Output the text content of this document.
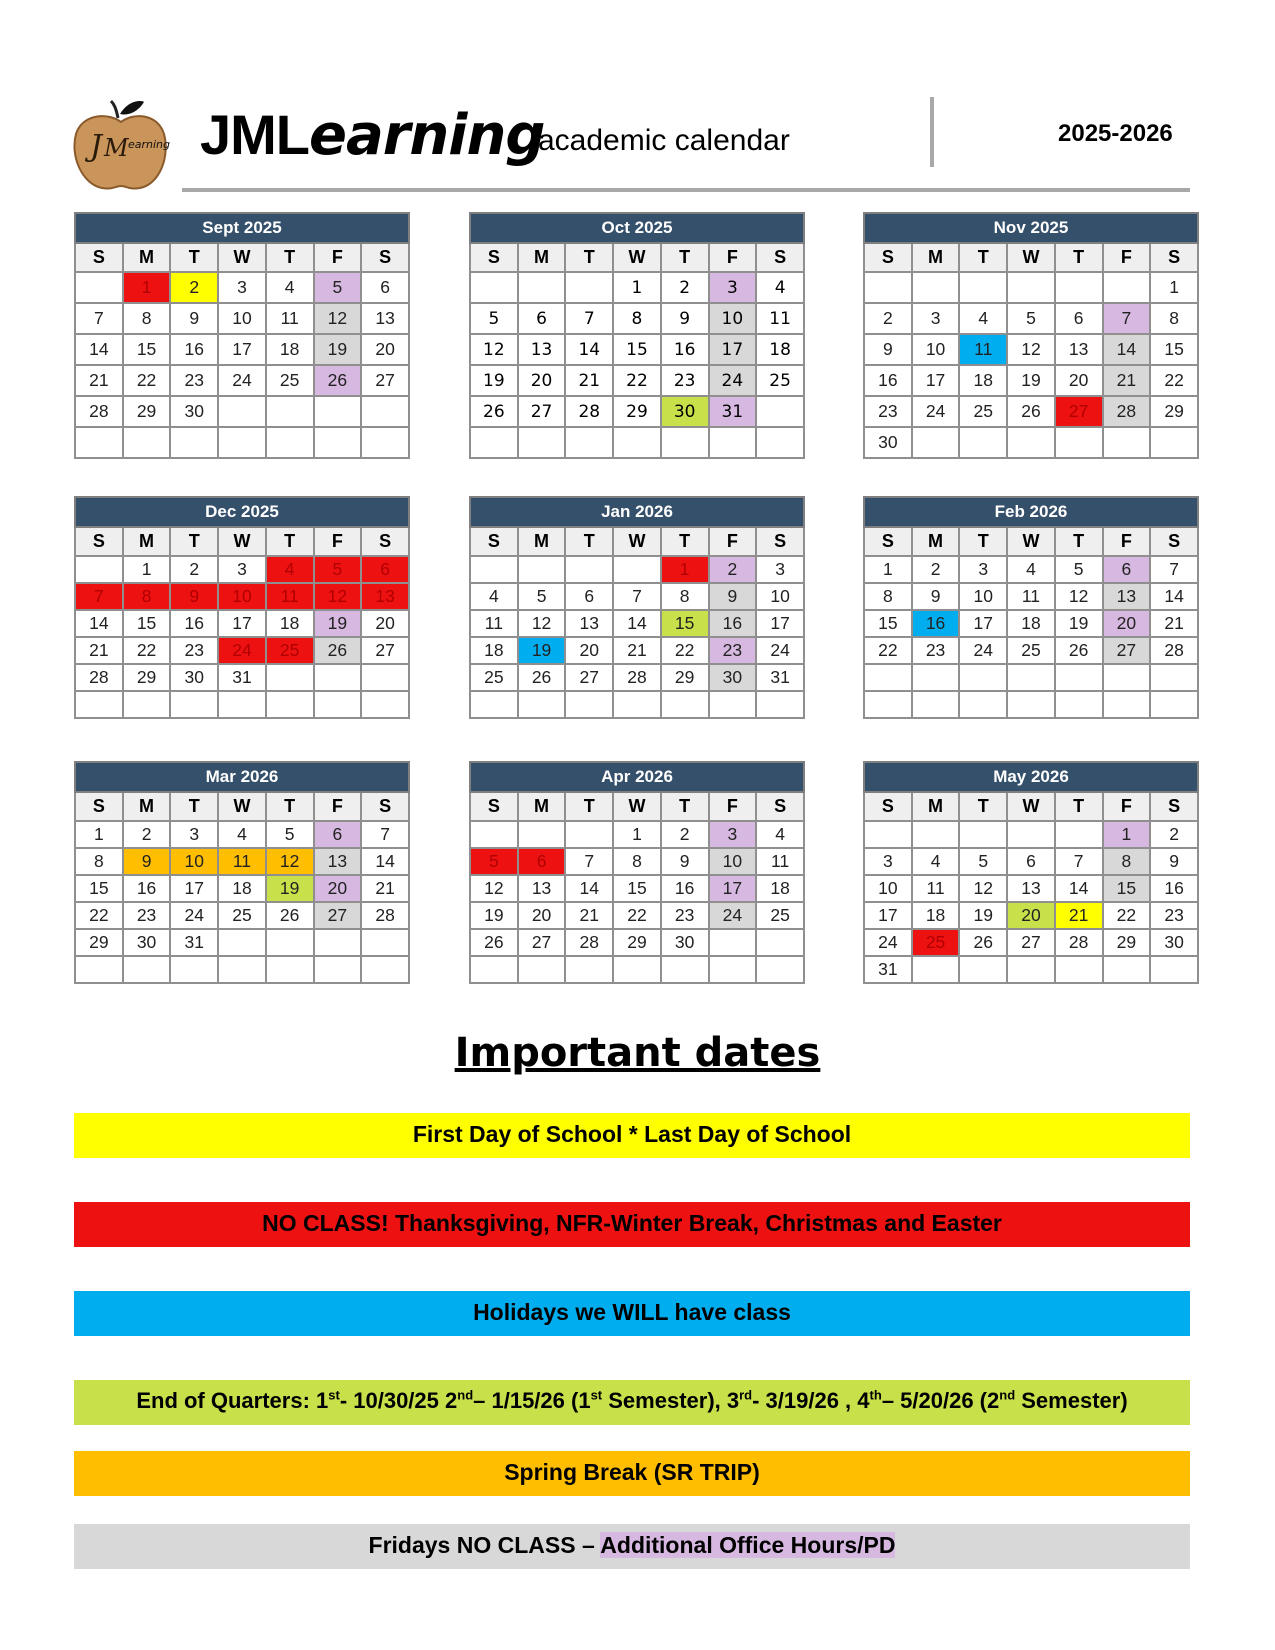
J M earning JMLearning
academic calendar	2025-2026
Sept 2025						
S	M	T	W	T	F	S
	1	2	3	4	5	6
7	8	9	10	11	12	13
14	15	16	17	18	19	20
21	22	23	24	25	26	27
28	29	30				

Oct 2025						
S	M	T	W	T	F	S
			1	2	3	4
5	6	7	8	9	10	11
12	13	14	15	16	17	18
19	20	21	22	23	24	25
26	27	28	29	30	31	

Nov 2025						
S	M	T	W	T	F	S
						1
2	3	4	5	6	7	8
9	10	11	12	13	14	15
16	17	18	19	20	21	22
23	24	25	26	27	28	29
30						
Dec 2025						
S	M	T	W	T	F	S
	1	2	3	4	5	6
7	8	9	10	11	12	13
14	15	16	17	18	19	20
21	22	23	24	25	26	27
28	29	30	31			

Jan 2026						
S	M	T	W	T	F	S
				1	2	3
4	5	6	7	8	9	10
11	12	13	14	15	16	17
18	19	20	21	22	23	24
25	26	27	28	29	30	31

Feb 2026						
S	M	T	W	T	F	S
1	2	3	4	5	6	7
8	9	10	11	12	13	14
15	16	17	18	19	20	21
22	23	24	25	26	27	28

Mar 2026						
S	M	T	W	T	F	S
1	2	3	4	5	6	7
8	9	10	11	12	13	14
15	16	17	18	19	20	21
22	23	24	25	26	27	28
29	30	31				

Apr 2026						
S	M	T	W	T	F	S
			1	2	3	4
5	6	7	8	9	10	11
12	13	14	15	16	17	18
19	20	21	22	23	24	25
26	27	28	29	30		

May 2026						
S	M	T	W	T	F	S
					1	2
3	4	5	6	7	8	9
10	11	12	13	14	15	16
17	18	19	20	21	22	23
24	25	26	27	28	29	30
31						
Important dates
First Day of School * Last Day of School
NO CLASS! Thanksgiving, NFR-Winter Break, Christmas and Easter
Holidays we WILL have class
End of Quarters: 1st- 10/30/25 2nd– 1/15/26 (1st Semester), 3rd- 3/19/26 , 4th– 5/20/26 (2nd Semester)
Spring Break (SR TRIP)
Fridays NO CLASS – Additional Office Hours/PD
